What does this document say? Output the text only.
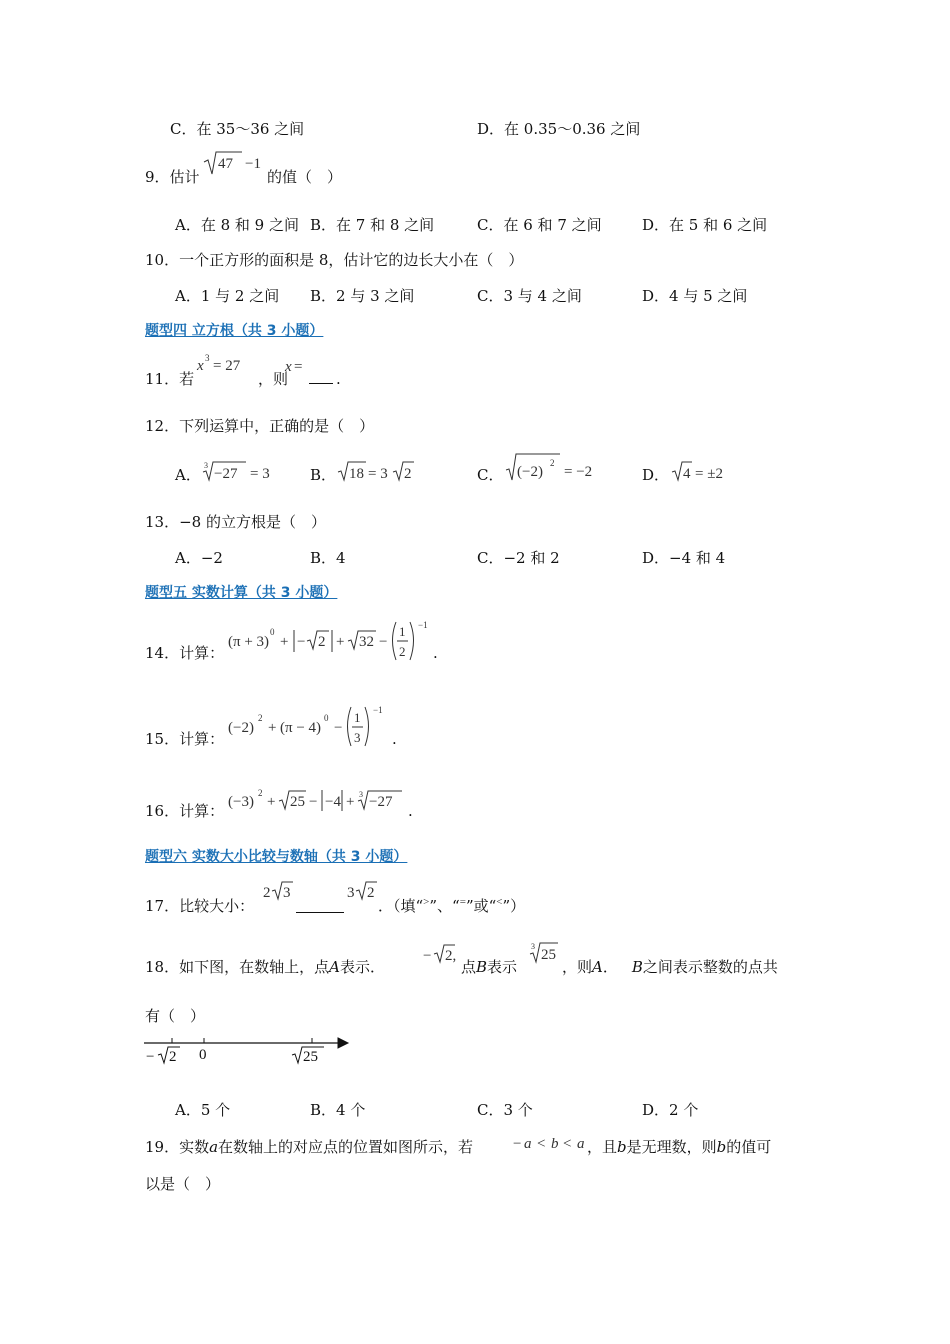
C．在 35～36 之间	D．在 0.35～0.36 之间
9．估计
47 −1
的值（　）
A．在 8 和 9 之间 B．在 7 和 8 之间	C．在 6 和 7 之间	D．在 5 和 6 之间
10．一个正方形的面积是 8，估计它的边长大小在（　）
A．1 与 2 之间 B．2 与 3 之间	C．3 与 4 之间	D．4 与 5 之间
题型四 立方根（共 3 小题）
11．若
x 3 = 27
，则
x =
.
12．下列运算中，正确的是（　）
A．
3
−27 = 3	B． 18 = 3 2	C． (−2)
2
= −2	D． 4 = ±2
13．−8 的立方根是（　）
A．−2	B．4	C．−2 和 2	D．−4 和 4
题型五 实数计算（共 3 小题）
14．计算：
(π + 3)
0
+ − 2 + 32 −
1
2
−1
.
15．计算：
(−2)
2
+ (π − 4)
0
−
1
3
−1
.
16．计算： (−3)
2
+ 25 − −4 + 3 −27 .
题型六 实数大小比较与数轴（共 3 小题）
17．比较大小：
2 3	3 2
．（填“>”、“=”或“<”）
18．如下图，在数轴上，点A表示．
− 2,
点B表示
3
25
，则A． B之间表示整数的点共
有（　）
− 2 0	25
A．5 个	B．4 个	C．3 个	D．2 个
19．实数a在数轴上的对应点的位置如图所示，若	− a < b < a ，且b是无理数，则b的值可
以是（　）
